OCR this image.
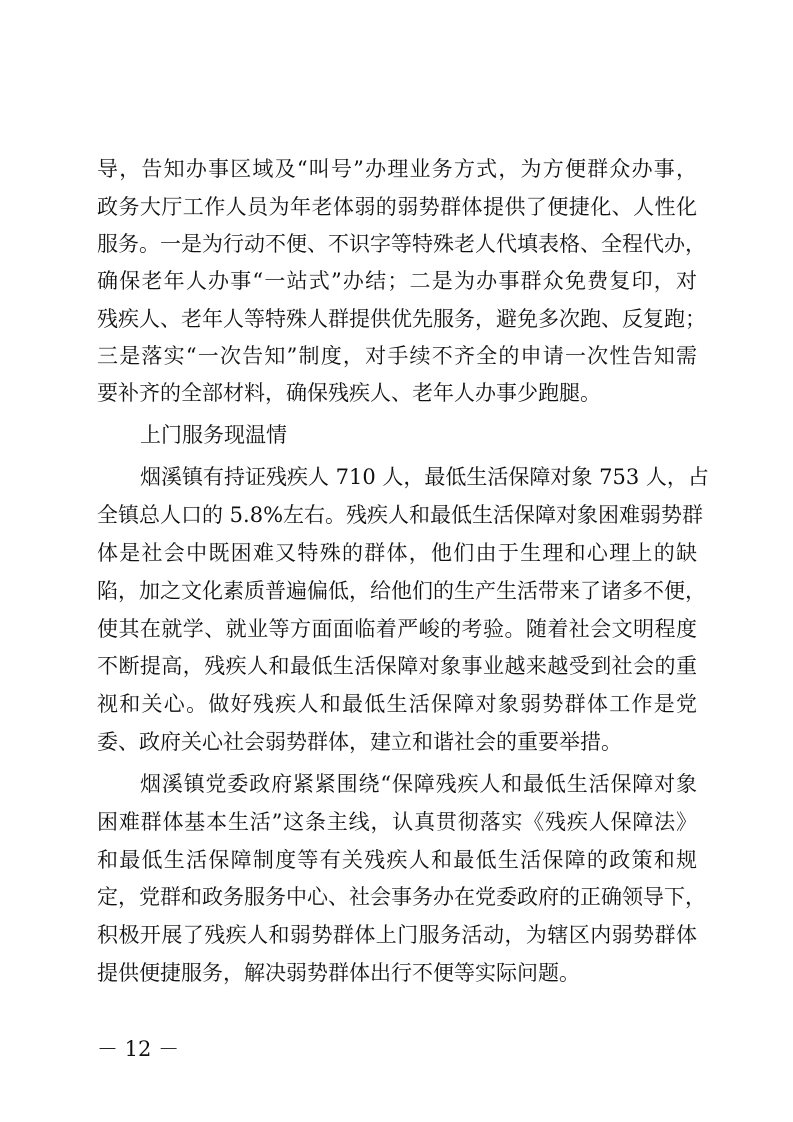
导，告知办事区域及“叫号”办理业务方式，为方便群众办事，
政务大厅工作人员为年老体弱的弱势群体提供了便捷化、人性化
服务。一是为行动不便、不识字等特殊老人代填表格、全程代办，
确保老年人办事“一站式”办结；二是为办事群众免费复印，对
残疾人、老年人等特殊人群提供优先服务，避免多次跑、反复跑；
三是落实“一次告知”制度，对手续不齐全的申请一次性告知需
要补齐的全部材料，确保残疾人、老年人办事少跑腿。
上门服务现温情
烟溪镇有持证残疾人 710 人，最低生活保障对象 753 人，占
全镇总人口的 5.8%左右。残疾人和最低生活保障对象困难弱势群
体是社会中既困难又特殊的群体，他们由于生理和心理上的缺
陷，加之文化素质普遍偏低，给他们的生产生活带来了诸多不便，
使其在就学、就业等方面面临着严峻的考验。随着社会文明程度
不断提高，残疾人和最低生活保障对象事业越来越受到社会的重
视和关心。做好残疾人和最低生活保障对象弱势群体工作是党
委、政府关心社会弱势群体，建立和谐社会的重要举措。
烟溪镇党委政府紧紧围绕“保障残疾人和最低生活保障对象
困难群体基本生活”这条主线，认真贯彻落实《残疾人保障法》
和最低生活保障制度等有关残疾人和最低生活保障的政策和规
定，党群和政务服务中心、社会事务办在党委政府的正确领导下，
积极开展了残疾人和弱势群体上门服务活动，为辖区内弱势群体
提供便捷服务，解决弱势群体出行不便等实际问题。
－ 12 －
